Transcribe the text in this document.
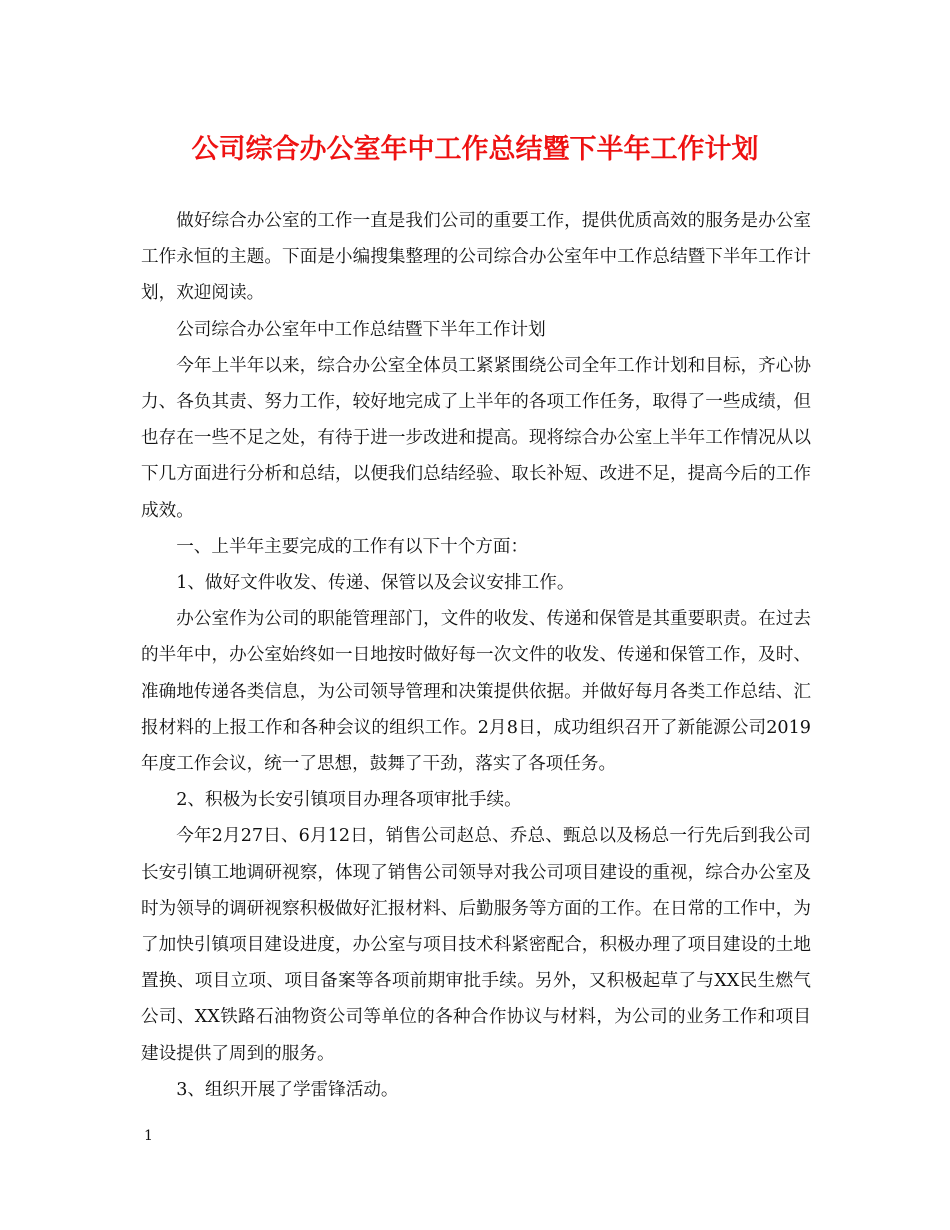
公司综合办公室年中工作总结暨下半年工作计划

做好综合办公室的工作一直是我们公司的重要工作，提供优质高效的服务是办公室工作永恒的主题。下面是小编搜集整理的公司综合办公室年中工作总结暨下半年工作计划，欢迎阅读。

公司综合办公室年中工作总结暨下半年工作计划

今年上半年以来，综合办公室全体员工紧紧围绕公司全年工作计划和目标，齐心协力、各负其责、努力工作，较好地完成了上半年的各项工作任务，取得了一些成绩，但也存在一些不足之处，有待于进一步改进和提高。现将综合办公室上半年工作情况从以下几方面进行分析和总结，以便我们总结经验、取长补短、改进不足，提高今后的工作成效。

一、上半年主要完成的工作有以下十个方面：

1、做好文件收发、传递、保管以及会议安排工作。

办公室作为公司的职能管理部门，文件的收发、传递和保管是其重要职责。在过去的半年中，办公室始终如一日地按时做好每一次文件的收发、传递和保管工作，及时、准确地传递各类信息，为公司领导管理和决策提供依据。并做好每月各类工作总结、汇报材料的上报工作和各种会议的组织工作。2月8日，成功组织召开了新能源公司2019年度工作会议，统一了思想，鼓舞了干劲，落实了各项任务。

2、积极为长安引镇项目办理各项审批手续。

今年2月27日、6月12日，销售公司赵总、乔总、甄总以及杨总一行先后到我公司长安引镇工地调研视察，体现了销售公司领导对我公司项目建设的重视，综合办公室及时为领导的调研视察积极做好汇报材料、后勤服务等方面的工作。在日常的工作中，为了加快引镇项目建设进度，办公室与项目技术科紧密配合，积极办理了项目建设的土地置换、项目立项、项目备案等各项前期审批手续。另外，又积极起草了与XX民生燃气公司、XX铁路石油物资公司等单位的各种合作协议与材料，为公司的业务工作和项目建设提供了周到的服务。

3、组织开展了学雷锋活动。

1
